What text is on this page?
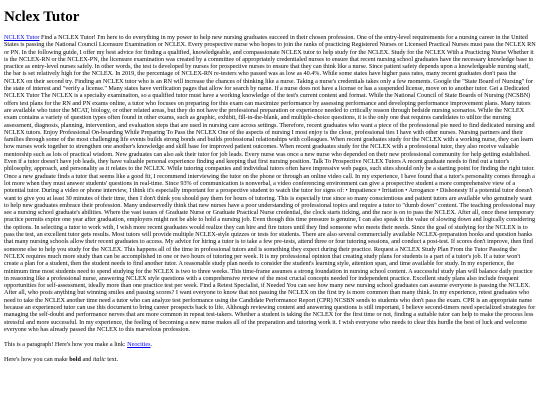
Nclex Tutor

NCLEX Tutor Find a NCLEX Tutor! I'm here to do everything in my power to help new nursing graduates succeed in their chosen profession. One of the entry-level requirements for a nursing career in the United States is passing the National Council Licensure Examination or NCLEX. Every prospective nurse who hopes to join the ranks of practicing Registered Nurses or Licensed Practical Nurses must pass the NCLEX RN or PN. In the following guide, I offer my best advice for finding a qualified, knowledgeable, and compassionate NCLEX tutor to help study for the NCLEX. Study for the NCLEX With a Practicing Nurse Whether it is the NCLEX-RN or the NCLEX-PN, the licensure examination was created by a committee of appropriately credentialed nurses to ensure that recent nursing school graduates have the necessary knowledge base to practice as entry-level nurses safely. In other words, the test is developed by nurses for prospective nurses to ensure that they can think like a nurse. Since patient safety depends upon a knowledgeable nursing staff, the bar is set relatively high for the NCLEX. In 2019, the percentage of NCLEX-RN re-testers who passed was as low as 40.4%. While some states have higher pass rates, many recent graduates don't pass the NCLEX on their second try. Finding an NCLEX tutor who is an RN will increase the chances of thinking like a nurse. Taking a nurse's credentials takes only a few moments. Google the "State Board of Nursing" for the state of interest and "verify a license." Many states have verification pages that allow for search by name. If a nurse does not have a license or has a suspended license, move on to another tutor. Get a Dedicated NCLEX Tutor The NCLEX is a specialty examination, so a qualified tutor must have a working knowledge of the test's current content and format. While the National Council of State Boards of Nursing (NCSBN) offers test plans for the RN and PN exams online, a tutor who focuses on preparing for this exam can maximize performance by assessing performance and developing performance improvement plans. Many tutors are available who tutor the MCAT, biology, or other related areas, but they do not have the professional preparation or experience needed to critically reason through bedside nursing scenarios. While the NCLEX exam contains a variety of question types often found in other exams, such as graphic, exhibit, fill-in-the-blank, and multiple-choice questions, it is the only one that requires candidates to utilize the nursing assessment, diagnosis, planning, intervention, and evaluation steps that are used in nursing care across settings. Therefore, recent graduates who want a piece of the professional pie need to find dedicated nursing and NCLEX tutors. Enjoy Professional On-boarding While Preparing To Pass the NCLEX One of the aspects of nursing I most enjoy is the close, professional ties I have with other nurses. Nursing partners and their families through some of the most challenging life events builds strong bonds and builds professional relationships with colleagues. When recent graduates study for the NCLEX with a working nurse, they can learn how nurses work together to strengthen one another's knowledge and skill base for improved patient outcomes. When recent graduates study for the NCLEX with a professional tutor, they also receive valuable mentorship such as lots of practical wisdom. New graduates can also ask their tutor for job leads. Every nurse was once a new nurse who depended on their new professional community for help getting established. Even if a tutor doesn't have job leads, they have valuable personal experience finding and keeping that first nursing position. Talk To Prospective NCLEX Tutors A recent graduate needs to find out a tutor's philosophy, approach, and personality as it relates to the NCLEX. While tutoring companies and individual tutors often have impressive web pages, such sites should only be a starting point for finding the right tutor. Once a new graduate finds a tutor that seems like a good fit, I recommend interviewing the tutor on the phone or through an online video call. In my experience, I have found that a tutor's personality comes through a lot more when they must answer students' questions in real-time. Since 93% of communication is nonverbal, a video conferencing environment can give a prospective student a more comprehensive view of a potential tutor. During a video or phone interview, I think it's especially important for a prospective student to watch the tutor for signs of: • Impatience • Irritation • Arrogance • Dishonesty If a potential tutor doesn't want to give you at least 30 minutes of their time, then I don't think you should pay them for hours of tutoring. This is especially true since so many conscientious and patient tutors are available who genuinely want to help new graduates embrace their profession. Many undeservedly think that new nurses have a poor understanding of professional topics and require a tutor to "dumb down" content. The teaching professional may see a nursing school graduate's abilities. Where the vast issues of Graduate Nurse or Graduate Practical Nurse credential, the clock starts ticking, and the race is on to pass the NCLEX. After all, once these temporary practice permits expire one year after graduation, employers might not be able to hold a nursing job. Even though this time pressure is genuine, I can also speak to the value of slowing down and logically considering the options. In selecting a tutor to work with, I wish more recent graduates would realize they can hire and fire tutors until they find someone who meets their needs. Since the goal of studying for the NCLEX is to pass the test, an excellent tutor gets results. Most tutors will provide multiple NCLEX-style quizzes or tests for students. There are also several commercially available NCLEX-preparation books and question banks that many nursing schools allow their recent graduates to access. My advice for hiring a tutor is to take a few pre-tests, attend three or four tutoring sessions, and conduct a post-test. If scores don't improve, then find someone else to help you study for the NCLEX. This happens all of the time in professional tutors and is something they expect during their practice. Request a NCLEX Study Plan From the Tutor Passing the NCLEX requires much more study than can be accomplished in one or two hours of tutoring per week. It is my professional opinion that creating study plans for students is a part of a tutor's job. If a tutor won't create a plan for a student, then the student needs to find another tutor. A reasonable study plan needs to consider the student's learning style, attention span, and time available for study. In my experience, the minimum time most students need to spend studying for the NCLEX is two to three weeks. This time-frame assumes a strong foundation in nursing school content. A successful study plan will balance daily practice in reasoning like a professional nurse, answering NCLEX style questions with a comprehensive review of the most crucial concepts needed for independent practice. Excellent study plans also include frequent opportunities for self-assessment, ideally more than one practice test per week. Find a Retest Specialist, if Needed You can see how many new nursing school graduates can assume everyone is passing the NCLEX. After all, who posts anything but winning smiles and passing scores? I want everyone to know that not passing the NCLEX on the first try is more common than many think. In my experience, retest graduates who need to take the NCLEX another time need a tutor who can analyze test performance using the Candidate Performance Report (CPR) NCSBN sends to students who don't pass the exam. CPR is an appropriate name because an experienced tutor can use this document to bring career prospects back to life. Although reviewing content and answering questions is still important, I believe second-timers need specialized strategies for managing the self-doubt and performance nerves that are more common in repeat test-takers. Whether a student is taking the NCLEX for the first time or not, finding a suitable tutor can help to make the process less stressful and more successful. In my experience, the feeling of becoming a new nurse makes all of the preparation and tutoring work it. I wish everyone who needs to clear this hurdle the best of luck and welcome everyone who has already passed the NCLEX to this marvelous profession.

This is a paragraph! Here's how you make a link: Neocities.

Here's how you can make bold and italic text.
